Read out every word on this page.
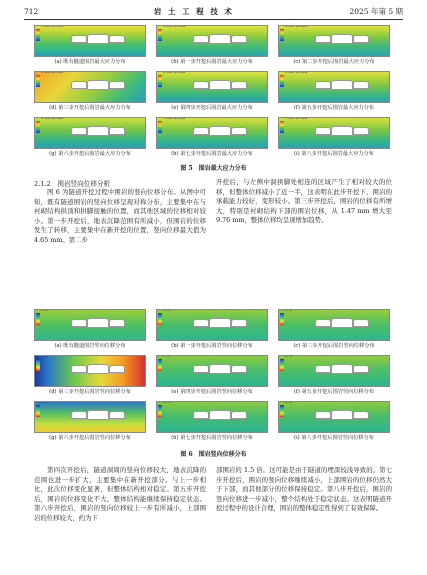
712	岩 土 工 程 技 术	2025 年第 5 期
S, Max. principal
(a) 既有隧道围岩最大应力分布
S, Max. principal
(b) 第一步开挖后围岩最大应力分布
S, Max. principal
(c) 第二步开挖后围岩最大应力分布
S, Max. principal
(d) 第三步开挖后围岩最大应力分布
S, Max. principal
(e) 第四步开挖后围岩最大应力分布
S, Max. principal
(f) 第五步开挖后围岩最大应力分布
S, Max. principal
(g) 第六步开挖后围岩最大应力分布
S, Max. principal
(h) 第七步开挖后围岩最大应力分布
S, Max. principal
(i) 第八步开挖后围岩最大应力分布
图 5　围岩最大应力分布
2.1.2　围岩竖向位移分析
图 6 为隧道开挖过程中围岩的竖向位移分布。从图中可知，既有隧道围岩的竖向位移呈现对称分布，主要集中在与衬砌结构拱顶和拱脚接触的位置，而其他区域的位移相对较小。第一步开挖后，地表沉降范围有所减小，但围岩的位移发生了转移，主要集中在新开挖的位置，竖向位移最大值为 4.65 mm。第二步
开挖后，与左侧中洞拱脚处相连的区域产生了相对较大的位移，但整体位移减小了近一半，这表明在此步开挖下，围岩的承载能力较好，变形较小。第三步开挖后，围岩的位移有所增大，特别是衬砌结构下部的围岩位移，从 1.47 mm 增大至 9.76 mm，整体位移均呈现增加趋势。
U, U2
(a) 既有隧道围岩竖向位移分布
U, U2
(b) 第一步开挖后围岩竖向位移分布
U, U2
(c) 第二步开挖后围岩竖向位移分布
U, U2
(d) 第三步开挖后围岩竖向位移分布
U, U2
(e) 第四步开挖后围岩竖向位移分布
U, U2
(f) 第五步开挖后围岩竖向位移分布
U, U2
(g) 第六步开挖后围岩竖向位移分布
U, U2
(h) 第七步开挖后围岩竖向位移分布
U, U2
(i) 第八步开挖后围岩竖向位移分布
图 6　围岩竖向位移分布
第四次开挖后，隧道洞周的竖向位移较大，地表沉降的范围也进一步扩大，主要集中在新开挖部分。与上一步相比，此次位移变化显著，但整体结构相对稳定。第五步开挖后，围岩的位移变化不大，整体结构能继续保持稳定状态。第六步开挖后，围岩的竖向位移较上一步有所减小，上部围岩的位移较大，约为下
部围岩的 1.5 倍。这可能是由于隧道的埋深较浅导致的。第七步开挖后，围岩的竖向位移继续减小，上部围岩的位移仍然大于下部，而其他部分的位移保持稳定。第八步开挖后，围岩的竖向位移进一步减小，整个结构处于稳定状态。这表明隧道开挖过程中的设计合理，围岩的整体稳定性得到了有效保障。
